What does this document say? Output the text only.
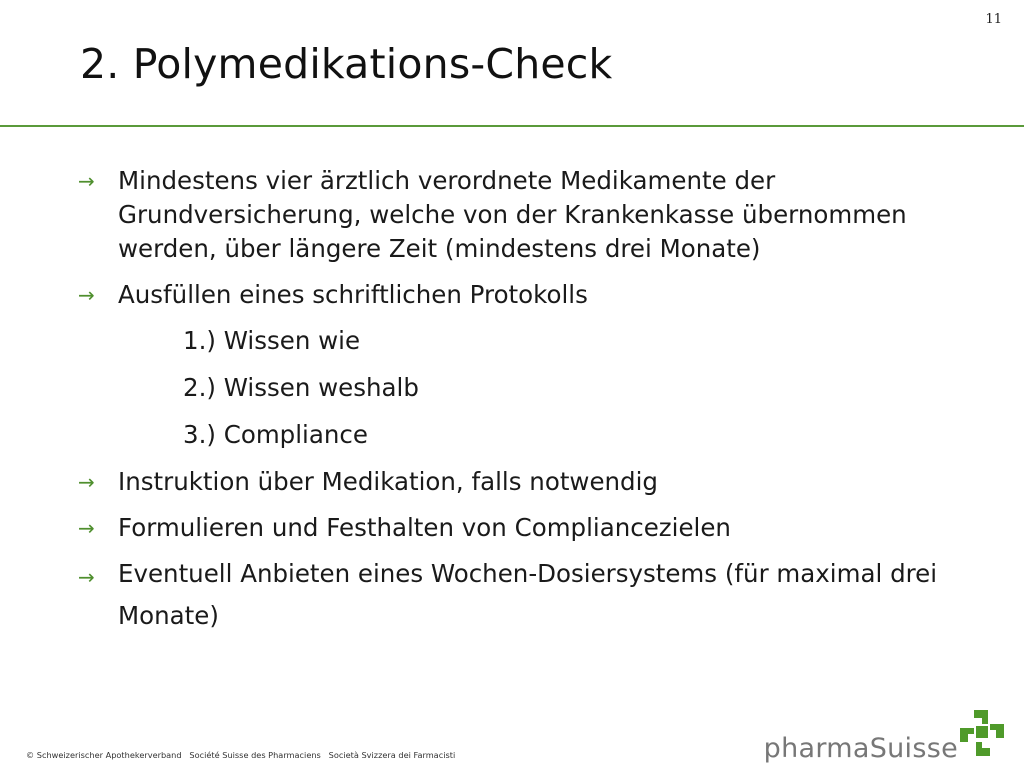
11
2. Polymedikations-Check
→ Mindestens vier ärztlich verordnete Medikamente der Grundversicherung, welche von der Krankenkasse übernommen werden, über längere Zeit (mindestens drei Monate)
→ Ausfüllen eines schriftlichen Protokolls
1.) Wissen wie
2.) Wissen weshalb
3.) Compliance
→ Instruktion über Medikation, falls notwendig
→ Formulieren und Festhalten von Compliancezielen
→ Eventuell Anbieten eines Wochen-Dosiersystems (für maximal drei Monate)
© Schweizerischer Apothekerverband   Société Suisse des Pharmaciens   Società Svizzera dei Farmacisti	pharmaSuisse
